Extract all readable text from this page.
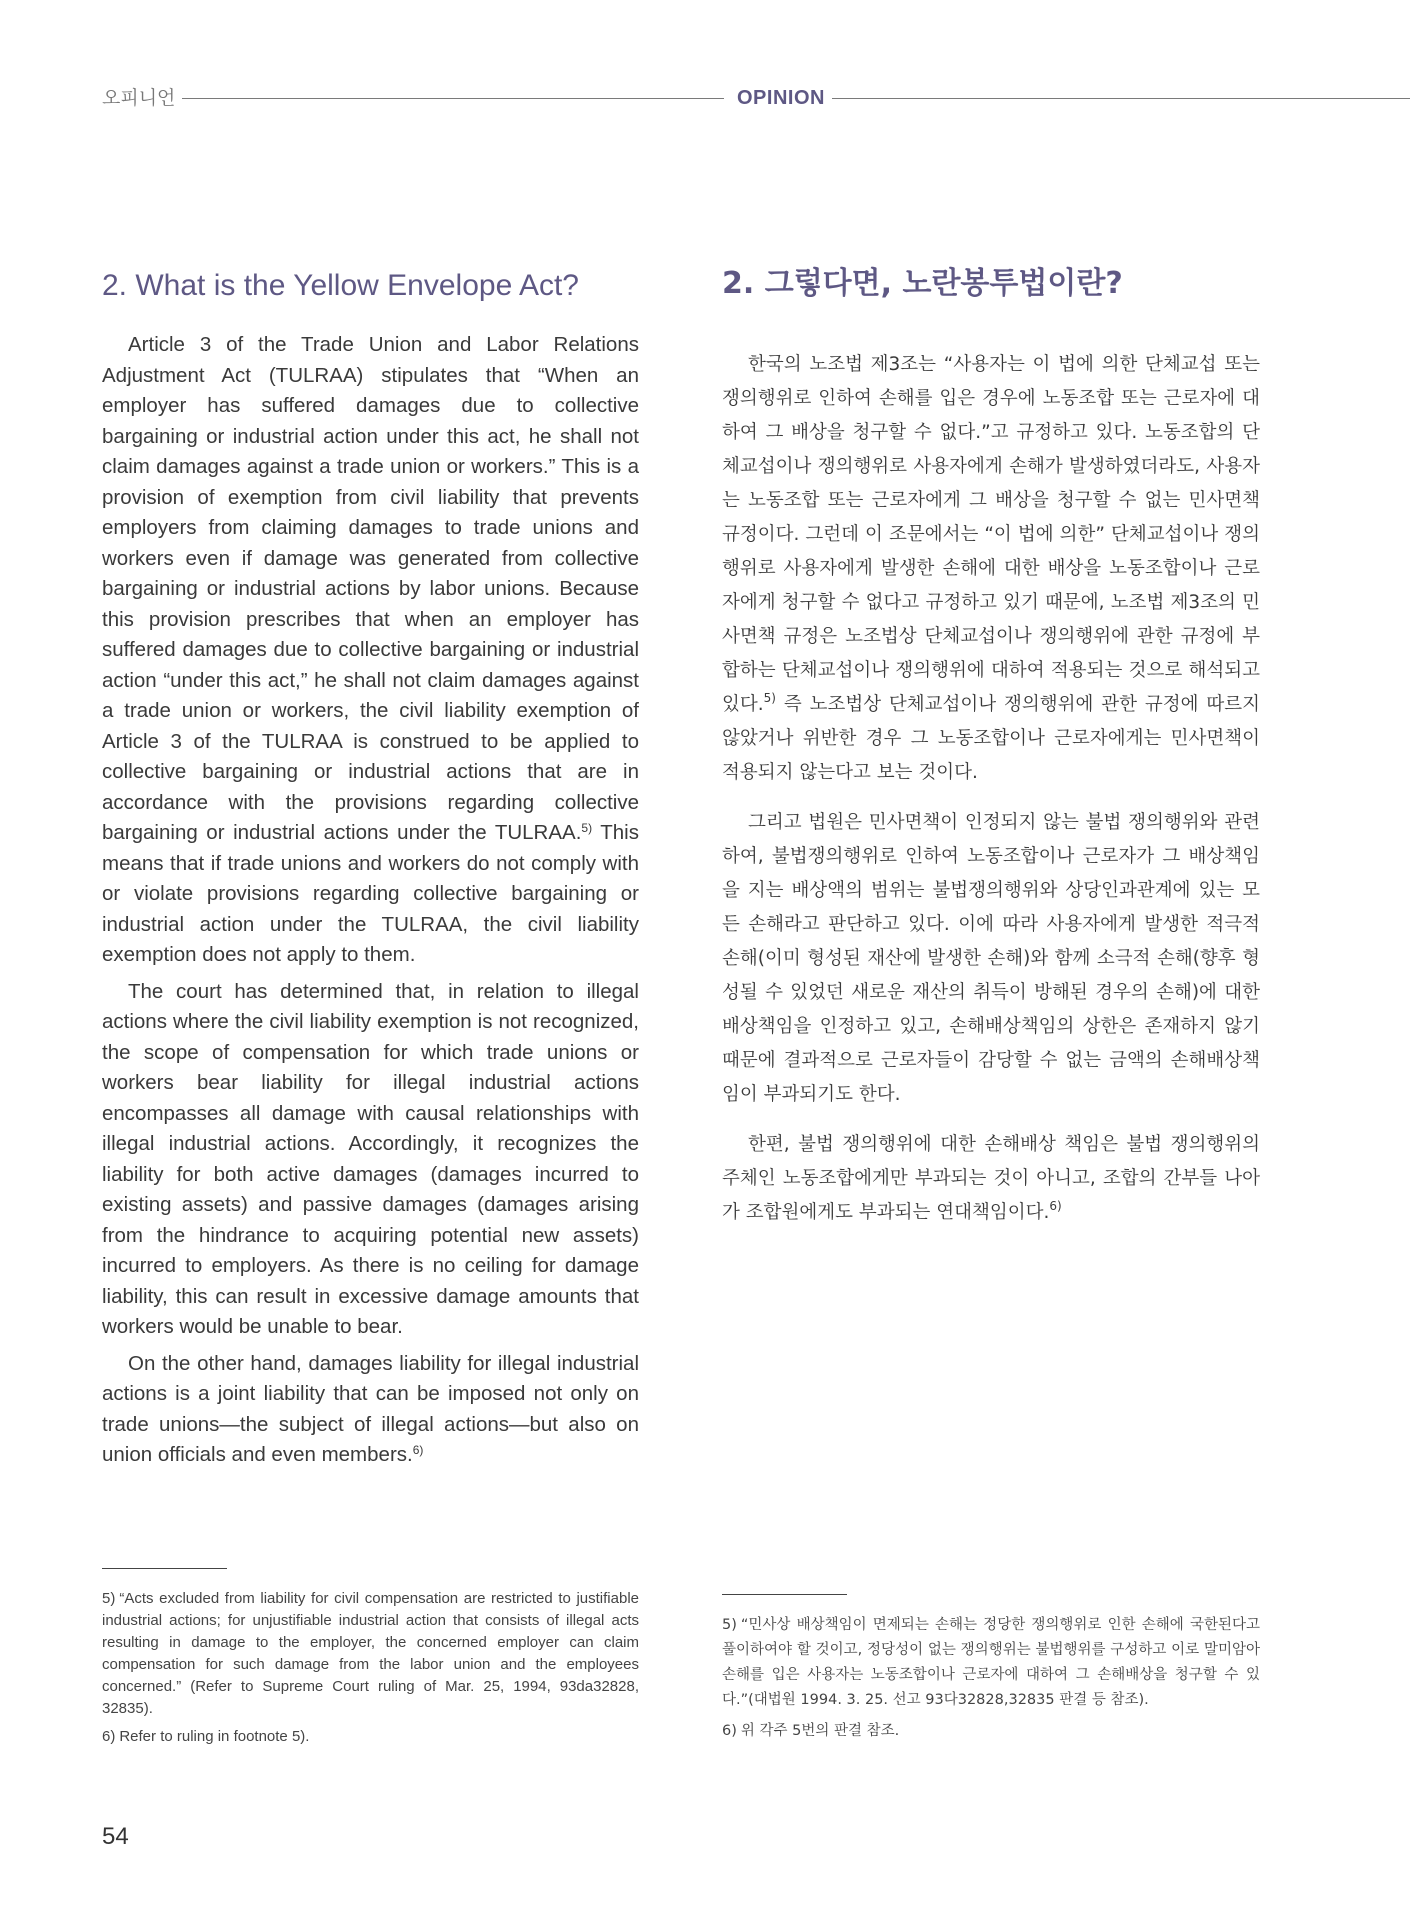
오피니언	OPINION
2. What is the Yellow Envelope Act?	2. 그렇다면, 노란봉투법이란?

Article 3 of the Trade Union and Labor Relations Adjustment Act (TULRAA) stipulates that “When an employer has suffered damages due to collective bargaining or industrial action under this act, he shall not claim damages against a trade union or workers.” This is a provision of exemption from civil liability that prevents employers from claiming damages to trade unions and workers even if damage was generated from collective bargaining or industrial actions by labor unions. Because this provision prescribes that when an employer has suffered damages due to collective bargaining or industrial action “under this act,” he shall not claim damages against a trade union or workers, the civil liability exemption of Article 3 of the TULRAA is construed to be applied to collective bargaining or industrial actions that are in accordance with the provisions regarding collective bargaining or industrial actions under the TULRAA.$^{5)}$ This means that if trade unions and workers do not comply with or violate provisions regarding collective bargaining or industrial action under the TULRAA, the civil liability exemption does not apply to them.

The court has determined that, in relation to illegal actions where the civil liability exemption is not recognized, the scope of compensation for which trade unions or workers bear liability for illegal industrial actions encompasses all damage with causal relationships with illegal industrial actions. Accordingly, it recognizes the liability for both active damages (damages incurred to existing assets) and passive damages (damages arising from the hindrance to acquiring potential new assets) incurred to employers. As there is no ceiling for damage liability, this can result in excessive damage amounts that workers would be unable to bear.

On the other hand, damages liability for illegal industrial actions is a joint liability that can be imposed not only on trade unions—the subject of illegal actions—but also on union officials and even members.$^{6)}$

한국의 노조법 제3조는 “사용자는 이 법에 의한 단체교섭 또는 쟁의행위로 인하여 손해를 입은 경우에 노동조합 또는 근로자에 대하여 그 배상을 청구할 수 없다.”고 규정하고 있다. 노동조합의 단체교섭이나 쟁의행위로 사용자에게 손해가 발생하였더라도, 사용자는 노동조합 또는 근로자에게 그 배상을 청구할 수 없는 민사면책 규정이다. 그런데 이 조문에서는 “이 법에 의한” 단체교섭이나 쟁의행위로 사용자에게 발생한 손해에 대한 배상을 노동조합이나 근로자에게 청구할 수 없다고 규정하고 있기 때문에, 노조법 제3조의 민사면책 규정은 노조법상 단체교섭이나 쟁의행위에 관한 규정에 부합하는 단체교섭이나 쟁의행위에 대하여 적용되는 것으로 해석되고 있다.$^{5)}$ 즉 노조법상 단체교섭이나 쟁의행위에 관한 규정에 따르지 않았거나 위반한 경우 그 노동조합이나 근로자에게는 민사면책이 적용되지 않는다고 보는 것이다.

그리고 법원은 민사면책이 인정되지 않는 불법 쟁의행위와 관련하여, 불법쟁의행위로 인하여 노동조합이나 근로자가 그 배상책임을 지는 배상액의 범위는 불법쟁의행위와 상당인과관계에 있는 모든 손해라고 판단하고 있다. 이에 따라 사용자에게 발생한 적극적 손해(이미 형성된 재산에 발생한 손해)와 함께 소극적 손해(향후 형성될 수 있었던 새로운 재산의 취득이 방해된 경우의 손해)에 대한 배상책임을 인정하고 있고, 손해배상책임의 상한은 존재하지 않기 때문에 결과적으로 근로자들이 감당할 수 없는 금액의 손해배상책임이 부과되기도 한다.

한편, 불법 쟁의행위에 대한 손해배상 책임은 불법 쟁의행위의 주체인 노동조합에게만 부과되는 것이 아니고, 조합의 간부들 나아가 조합원에게도 부과되는 연대책임이다.$^{6)}$

5) “Acts excluded from liability for civil compensation are restricted to justifiable industrial actions; for unjustifiable industrial action that consists of illegal acts resulting in damage to the employer, the concerned employer can claim compensation for such damage from the labor union and the employees concerned.” (Refer to Supreme Court ruling of Mar. 25, 1994, 93da32828, 32835).

6) Refer to ruling in footnote 5).

5) “민사상 배상책임이 면제되는 손해는 정당한 쟁의행위로 인한 손해에 국한된다고 풀이하여야 할 것이고, 정당성이 없는 쟁의행위는 불법행위를 구성하고 이로 말미암아 손해를 입은 사용자는 노동조합이나 근로자에 대하여 그 손해배상을 청구할 수 있다.”(대법원 1994. 3. 25. 선고 93다32828,32835 판결 등 참조).

6) 위 각주 5번의 판결 참조.

54
